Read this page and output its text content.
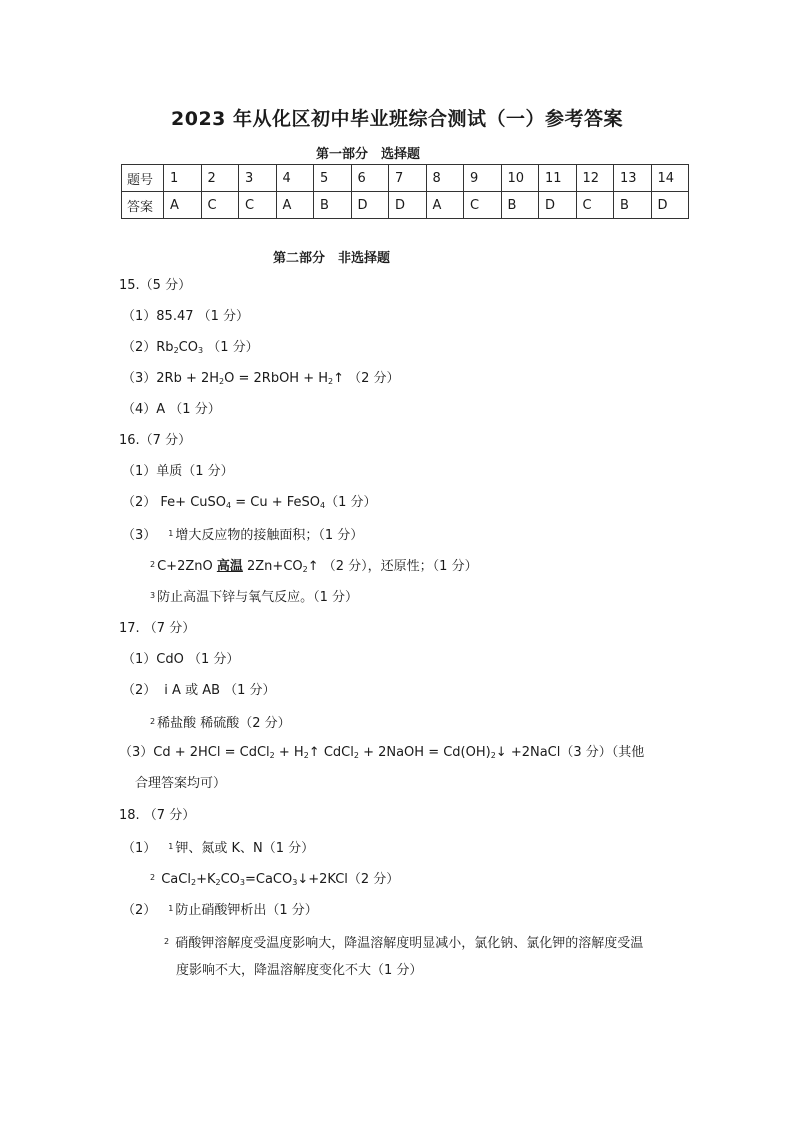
2023 年从化区初中毕业班综合测试（一）参考答案
第一部分　选择题
题号	1	2	3	4	5	6	7	8	9	10	11	12	13	14
答案	A	C	C	A	B	D	D	A	C	B	D	C	B	D
第二部分　非选择题
15.（5 分）
（1）85.47 （1 分）
$(2)Rb_2CO_3$ （1 分）
$(3)2Rb + 2H_2O$ = 2RbOH + $H_2↑$ （2 分）
（4）A （1 分）
16.（7 分）
（1）单质（1 分）
（2） Fe+ CuSO$_4$ = Cu + FeSO$_4$（1 分）
（3） $^1$ 增大反应物的接触面积；（1 分）
$^2$ C+2ZnO 高温 $2Zn+CO_2↑$ （2 分），还原性；（1 分）
$^3$ 防止高温下锌与氧气反应。（1 分）
17. （7 分）
（1）CdO （1 分）
（2） i A 或 AB （1 分）
$^2$ 稀盐酸 稀硫酸（2 分）
（3）Cd + 2HCl = CdCl$_2$ + $H_2↑$ CdCl$_2$ + 2NaOH = $Cd(OH)_2↓$ +2NaCl（3 分）（其他
合理答案均可）
18. （7 分）
（1） $^1$ 钾、氮或 K、N（1 分）
$^2$ $CaCl_2+K_2CO_3=CaCO_3↓+2KCl(2$ 分）
（2） $^1$ 防止硝酸钾析出（1 分）
$^2$ 硝酸钾溶解度受温度影响大，降温溶解度明显减小，氯化钠、氯化钾的溶解度受温
度影响不大，降温溶解度变化不大（1 分）
